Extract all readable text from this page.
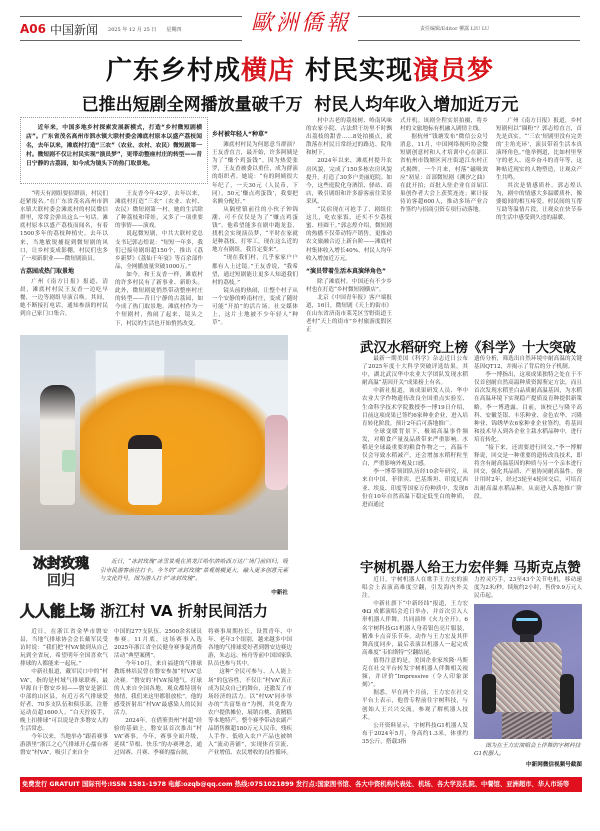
A06 中国新闻 2025 年 12 月 25 日 星期四	歐洲僑報	责任编辑/Editor 柳露 LIU LU
广东乡村成横店 村民实现演员梦
已推出短剧全网播放量破千万  村民人均年收入增加近万元
近年来，中国多地乡村探索发展新模式，打造“乡村微短剧横店”。广东省茂名高州市泗水镇大联村委会滩底村原本以盛产荔枝闻名，去年以来，滩底村打造“三农”（农业、农村、农民）微短剧第一村。微短剧不仅让村民实现“演员梦”，更带动整座村庄的转型——昔日宁静的古荔园，如今成为镜头下的热门取景地。

“明天有剧组要招群演，村民们赶紧报名。”在广东省茂名高州市泗水镇大联村委会滩底村的村民微信群里，常常会弹出这么一句话。滩底村原本以盛产荔枝而闻名，有着1500多年的荔枝种植史。去年以来，当地敏锐捕捉到微短剧的风口，让乡村变成影棚，村民们也多了一项新职业——微短剧演员。

古荔园成热门取景地

广州《南方日报》报道，清晨，滩底村村民王友香一边吃早餐，一边等剧组导演召唤。其间，她不断接打电话，通知参演的村民到自己家门口集合。

王友香今年42岁，去年以来，滩底村打造“三农”（农业、农村、农民）微短剧第一村，她的生活除了种荔枝和带娃，又多了一项重要的事情——演戏。

说起微短剧，中共大联村党总支书记郭志煌说：“短短一年多，我们已接待剧组超150个，推出《荔乡新梦》《荔仙千年宴》等百余部作品，全网播放量突破1000万。”

如今，和王友香一样，滩底村的许多村民有了新事业、新盼头。此外，微短剧更悄然带动整座村庄的转型——昔日宁静的古荔园，如今成了热门取景地。滩底村作为一个短剧村，热闹了起来，镜头之下，村民的生活也开始悄然改变。

乡村被年轻人“种草”

滩底村村民为何愿意当群演？王友香直言，最开始，许多阿姨是为了“赚个鸡蛋钱”。因为热爱张罗，王友香被委以重任，成为群演的组织者。她说：“有的阿姨很大年纪了，一天30元（人民币，下同），50元‘赚点鸡蛋钱’，我要把名额分配好。”

从隔壁镇前往的小伙子钟锦潮，可不仅仅是为了“赚点鸡蛋钱”。他希望能多在剧中跑龙套，找机会实现演员梦，“平时在家就是种荔枝、打零工，现在这么近的地方有剧组，我肯定要来”。

“现在我们村，几乎家家户户都有人上过镜。”王友香说，“我希望，通过短剧能让更多人知道我们村的荔枝。”

镜头前的热闹，让整个村子从一个安静的岭南村庄，变成了随时可能“开拍”的活片场。社交媒体上，这片土地被不少年轻人“种草”。

村中古老的荔枝树、岭南风味的农家小院、古法烘干坊里不时飘出荔枝的甜香……8处拍摄点，就散落在村民日常经过的路边、院角和树下。

2024年以来，滩底村提升农房风貌，完成了150多栋农房风貌提升，打造了30多户美丽庭院。如今，这些庭院化身酒馆、驿站、商店，吸引剧组和许多游客前往采景采风。

“民宿现在可抢手了，剧组住这儿，吃农家饭，还买不少荔枝蜜、桂圆干。”郭志煌介绍，微短剧的热播不仅带动特产销售，更推动农文旅融合迈上新台阶——滩底村村集体收入增长40%，村民人均年收入增加近万元。

“演员带着生活本真演绎角色”

除了滩底村，中国还有不少乡村也在打造“乡村微短剧横店”。

北京《中国青年报》客户端报道，16日，微短剧《天上的街市》在山东省济南市莱芜区雪野街道王老村“天上的街市”乡村旅游度假区正

式开机。该剧全程实景拍摄，将乡村的文旅地标有机融入剧情主线。

据杭州“钱塘发布”微信公众号消息，11月，中国网络视听协会微短剧创意村和人才培训中心在浙江省杭州市钱塘区河庄街道江东村正式揭牌。一个月来，村落“磁吸效应”初显：首部微短剧《溯汐之曲》在此开拍；首批入驻企业在首届江巢创作者大会上获奖连连；累计接待访客超600人，推动多场产业合作签约与招商引资专项行动落地。

广州《南方日报》报道，乡村短剧何以“圈粉”？郭志煌直言，首先是真实。“‘三农’短剧里没有完美的‘主角光环’，演员带着生活本真演绎角色。”他举例道，比如村里坚守的老人、返乡奋斗的青年等，这种贴近现实的人物塑造，让观众产生共鸣。

其次是情感质朴。郭志煌认为，剧中的情感大多温暖质朴，像婆媳间的相互疼爱、村民间的互帮互助等温情片段，让观众在快节奏的生活中感受到久违的温暖。

冰封玫瑰
回归
近日，“冰封玫瑰”冰雪景观在黑龙江哈尔滨哈西万达广场门前回归，吸引市民游客前往打卡。今冬的“冰封玫瑰”景观规模更大，融入更多创意元素与文化符号，图为游人打卡“冰封玫瑰”。
中新社
人人能上场 浙江村 VA 折射民间活力

近日，在浙江省金华市磐安县，当地气排球协会会长戴军民受访时说：“我们把‘村VA’做到从自己玩到全省玩，希望明年全国喜欢气排球的人都能来一起玩。”

中新社报道，戴军民口中的“村VA”，指的是村域气排球联赛，最早源自于磐安乡间——磐安是浙江中部的山区县，有近万名气排球爱好者、70多支队伍和俱乐部，注册运动员超1600人。“白天拧扳手，晚上扣排球”可以说是许多磐安人的生活常态。

今年以来，当地举办“跟着赛事游浙里”浙江之心气排球开心擂台赛磐安“村VA”，吸引了来自全

中国的277支队伍、2500余名球员参赛。11月底，这场赛事入选2025年浙江省全民健身赛事促消费活动“典型案例”。

今年10月，来自福建的气排球教练林培民曾在磐安参加“村VA”总决赛。“磐安的‘村VA’接地气，打球的人来自全国各地，观众都特别有热情，我们来这里都很放松”，他的感受折射出“村VA”最感染人的民间活力。

2024年，在借鉴贵州“村超”经验的基础上，磐安县首次推出“村VA”赛事。今年，赛事全面升级，延续“草根、快乐”的办赛理念，通过周赛、月赛、季赛的擂台制，

将赛事周期拉长，设置青年、中年、老年3个组别，越来越多中国各地的气排球爱好者到磐安边赛边游，朱志远、杨舟等前中国国家队队员也参与其中。

这种“全民可参与、人人能上场”的包容性，不仅让“村VA”真正成为民众自己的舞台，还激发了市场经济的活力。以“村VA”同步举办的“共富集市”为例，其免费为农户提供摊位，展销白桃、黄精糕等本地特产。整个赛季带动农副产品销售额超180万元人民币，残疾人手作、低收入农户产品也被纳入“流动善铺”，实现体育引流、产业增值、农民增收的良性循环。

武汉水稻研究上榜《科学》十大突破

最新一期美国《科学》杂志近日公布了2025年度十大科学突破评选结果。其中，湖北武汉华中农业大学团队发现水稻耐高温“基因开关”成果榜上有名。

中新社报道，该成果研发人员、华中农业大学作物遗传改良全国重点实验室、生命科学技术学院教授李一博19日介绍，目前这项成果已签约6家种业企业，进入培育转化阶段，预计2年后可落地推广。

全球变暖背景下，极端高温事件频发，对粮食产量及品质带来严重影响。水稻是全球最重要的粮食作物之一，高温不仅会导致水稻减产，还会增加水稻籽粒垩白，严重影响外观及口感。

李一博带领团队历经10余年研究，从来自中国、菲律宾、巴基斯坦、印度尼西亚、埃及、印度等国家万份种质中，发现8份在10年自然高温下稳定低垩白的种质，进而通过

遗传分析，筛选出自然环境中耐高温的关键基因QT12，并揭示了背后的分子机制。

李一博指出，这项成果独特之处在于不仅首创耐自然高温种质资源鉴定方法，而且首次发现水稻垩白品质耐高温基因，为水稻在高温环境下实现稳产提质及育种提供新策略。李一博透露，目前，该校已与隆平高科、安徽荃银、丰乐种业、金色农华、兴隆种业、锦绣华农6家种业企业签约，将基因和技术导入到各企业主栽水稻品种中，进行培育转化。

“接下来，还需要进行回交。”李一博解释说，回交是一种重要的遗传改良技术，即将含有耐高温基因的种质与另一个亲本进行回交，强化其品质、产量协同耐高温性。预计用时2年，经过3轮至4轮回交后，可培育出耐高温水稻品种，从而进入落地推广阶段。

宇树机器人给王力宏伴舞 马斯克点赞

近日，宇树机器人在歌手王力宏的演唱会上表演高难度空翻，引发海内外关注。

中新社旗下“中新经纬”报道，王力宏 ΦΩ 成都演唱会近日举办，并首次引入人形机器人伴舞，共同演绎《火力全开》。6名宇树科技G1机器人身着银色亮片服装，精准卡点音乐节奏，动作与王力宏及其伴舞高度同步，最后表演以机器人一起完成高难度“韦伯斯特”空翻结尾。

值得注意的是，美国企业家埃隆·马斯克在社交平台转发宇树机器人伴舞相关视频，并评价“Impressive（令人印象深刻）”。

据悉，早在两个月前，王力宏在社交平台上表示，他曾专程前往宇树科技，与创始人王兴兴交流，参观了解机器人技术。

公开资料显示，宇树科技G1机器人发布于2024年5月，身高约1.3米，体重约35公斤，搭载3指

力控灵巧手，23至43个关节电机，移动速度为2米/秒，续航约2小时，售价9.9万元人民币起。

图为在王力宏演唱会上伴舞的宇树科技G1机器人。
中新网微信视频号截图
免费发行 GRATUIT 国际刊号:ISSN 1581-1978 电邮:ozqb@qq.com 热线:0751021899 发行点:国家图书馆、各大中资机构代表处、机场、各大学及孔院、中餐馆、亚洲超市、华人市场等
